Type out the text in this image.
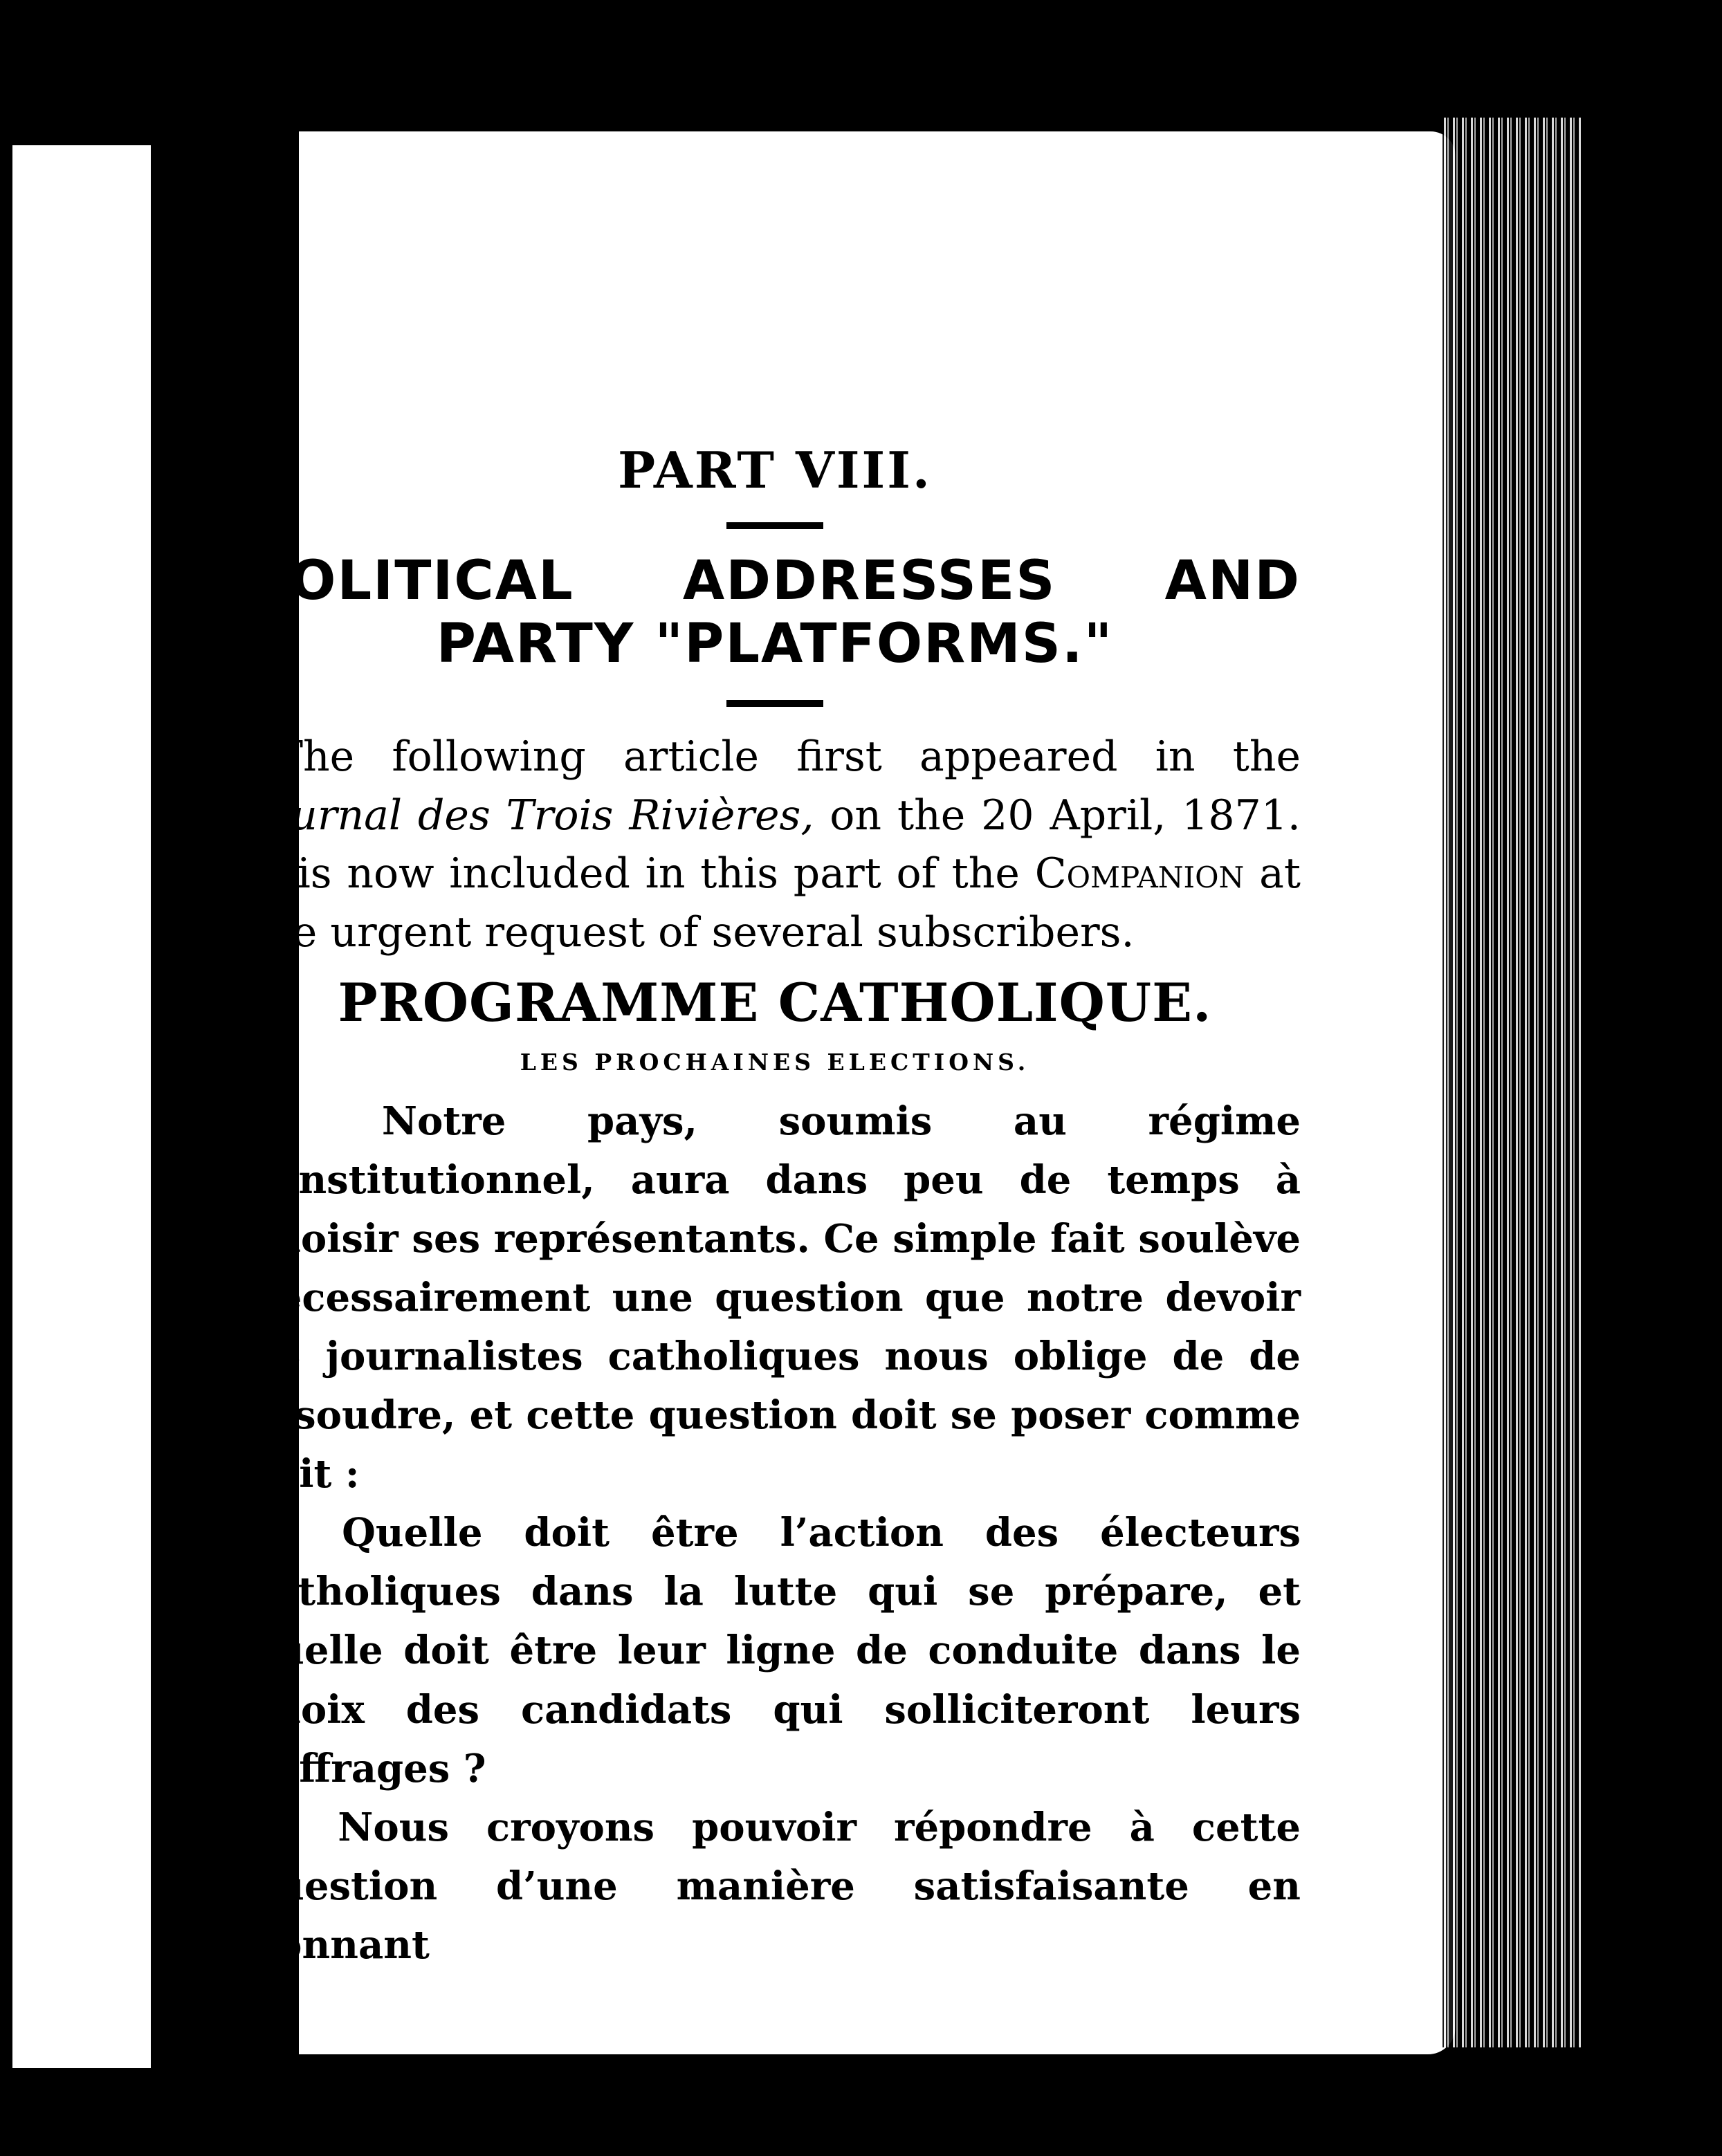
PART VIII.
POLITICAL ADDRESSES AND
PARTY "PLATFORMS."

The following article first appeared in the Journal des Trois Rivières, on the 20 April, 1871. It is now included in this part of the Companion at the urgent request of several subscribers.

PROGRAMME CATHOLIQUE.
LES PROCHAINES ELECTIONS.

“ Notre pays, soumis au régime constitutionnel, aura dans peu de temps à choisir ses représentants. Ce simple fait soulève nècessairement une question que notre devoir de journalistes catholiques nous oblige de de résoudre, et cette question doit se poser comme suit :

“ Quelle doit être l’action des électeurs catholiques dans la lutte qui se prépare, et quelle doit être leur ligne de conduite dans le choix des candidats qui solliciteront leurs suffrages ?

“ Nous croyons pouvoir répondre à cette question d’une manière satisfaisante en donnant
